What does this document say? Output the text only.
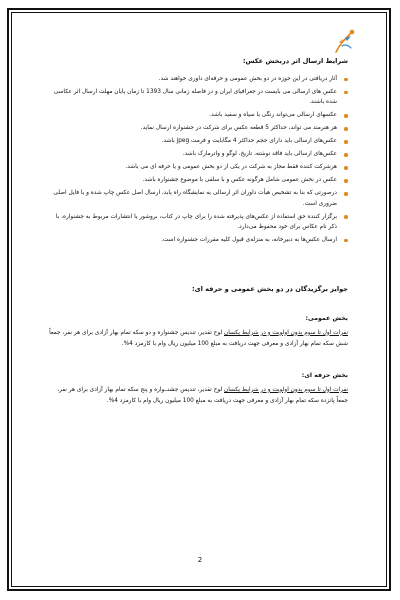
شرایط ارسال اثر دربخش عکس:

آثار دریافتی در این حوزه در دو بخش عمومی و حرفه‌ای داوری خواهند شد.
عکس های ارسالی می بایست در جغرافیای ایران و در فاصله زمانی سال 1393 تا زمان پایان مهلت ارسال اثر عکاسی شده باشند.
عکسهای ارسالی می‌تواند رنگی یا سیاه و سفید باشد.
هر هنرمند می تواند، حداکثر 5 قطعه عکس برای شرکت در جشنواره ارسال نماید.
عکس‌های ارسالی باید دارای حجم حداکثر 4 مگابایت و فرمت jpeg باشد.
عکس‌های ارسالی باید فاقد نوشته، تاریخ، لوگو و واترمارک باشد.
هرشرکت کننده فقط مجاز به شرکت در یکی از دو بخش عمومی و یا حرفه ای می باشد.
عکس در بخش عمومی شامل هرگونه عکس و با سلفی با موضوع جشنواره باشد.
درصورتی که بنا به تشخیص هیأت داوران اثر ارسالی به نمایشگاه راه یابد، ارسال اصل عکس چاپ شده و یا فایل اصلی ضروری است.
برگزار کننده حق استفاده از عکس‌های پذیرفته شده را برای چاپ در کتاب، بروشور یا انتشارات مربوط به جشنواره، با ذکر نام عکاس برای خود محفوظ می‌دارد.
ارسال عکس‌ها به دبیرخانه، به منزله‌ی قبول کلیه مقررات جشنواره است.

جوایز برگزیدگان در دو بخش عمومی و حرفه ای:

بخش عمومی:

نفرات اول تا سوم بدون اولویت و در شرایط یکسان لوح تقدیر، تندیس جشنواره و دو سکه تمام بهار آزادی برای هر نفر، جمعاً شش سکه تمام بهار آزادی و معرفی جهت دریافت به مبلغ 100 میلیون ریال وام با کارمزد 4%.

بخش حرفه ای:

نفرات اول تا سوم بدون اولویت و در شرایط یکسان لوح تقدیر، تندیس جشنــواره و پنج سکه تمام بهار آزادی برای هر نفر، جمعاً پانزده سکه تمام بهار آزادی و معرفی جهت دریافت به مبلغ 100 میلیون ریال وام با کارمزد 4%.

2
